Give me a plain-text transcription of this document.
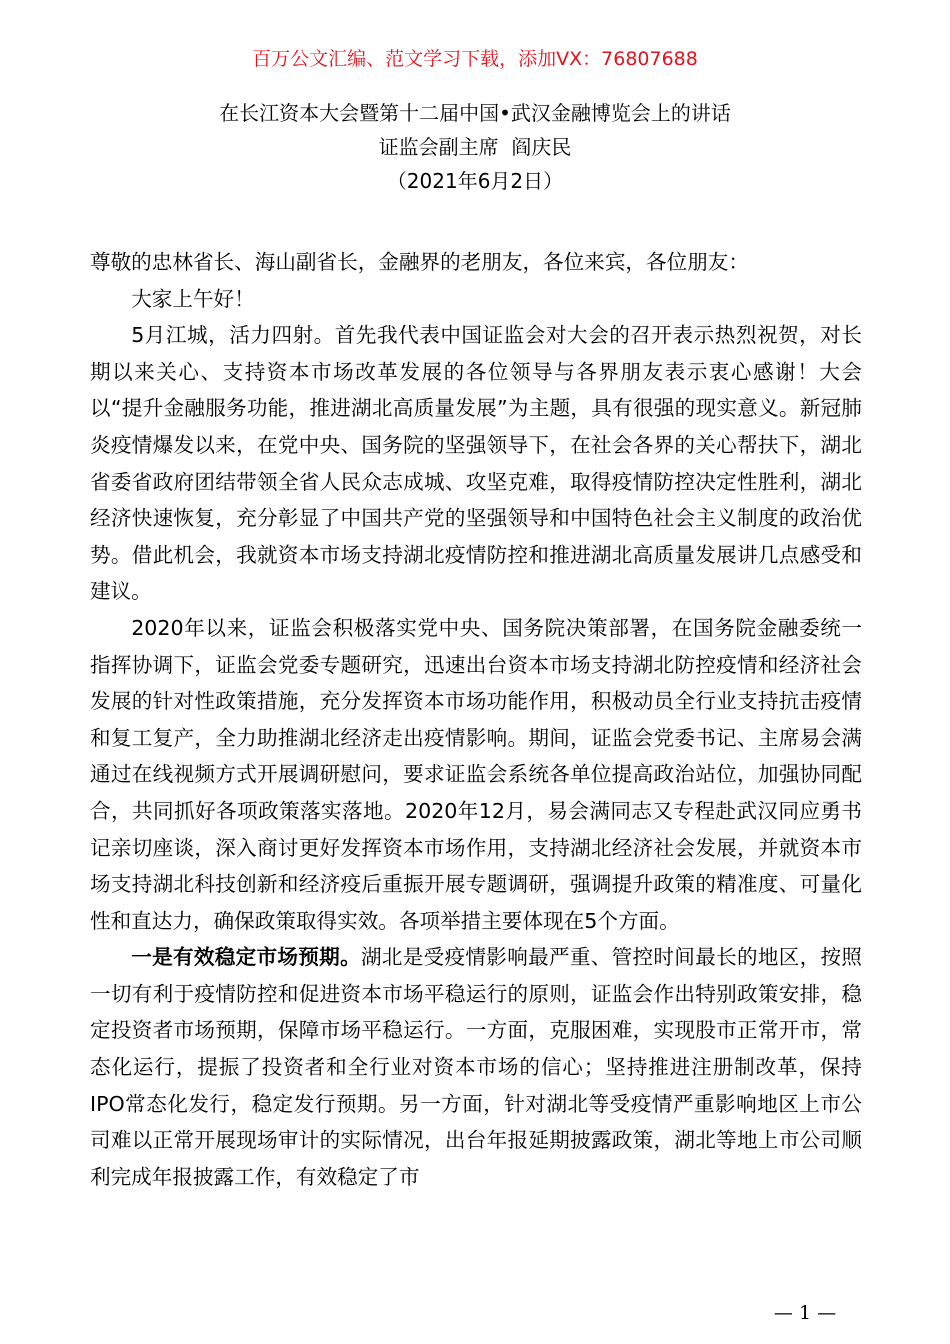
百万公文汇编、范文学习下载，添加VX：76807688
在长江资本大会暨第十二届中国•武汉金融博览会上的讲话
证监会副主席  阎庆民
（2021年6月2日）

尊敬的忠林省长、海山副省长，金融界的老朋友，各位来宾，各位朋友：

大家上午好！

5月江城，活力四射。首先我代表中国证监会对大会的召开表示热烈祝贺，对长期以来关心、支持资本市场改革发展的各位领导与各界朋友表示衷心感谢！大会以“提升金融服务功能，推进湖北高质量发展”为主题，具有很强的现实意义。新冠肺炎疫情爆发以来，在党中央、国务院的坚强领导下，在社会各界的关心帮扶下，湖北省委省政府团结带领全省人民众志成城、攻坚克难，取得疫情防控决定性胜利，湖北经济快速恢复，充分彰显了中国共产党的坚强领导和中国特色社会主义制度的政治优势。借此机会，我就资本市场支持湖北疫情防控和推进湖北高质量发展讲几点感受和建议。

2020年以来，证监会积极落实党中央、国务院决策部署，在国务院金融委统一指挥协调下，证监会党委专题研究，迅速出台资本市场支持湖北防控疫情和经济社会发展的针对性政策措施，充分发挥资本市场功能作用，积极动员全行业支持抗击疫情和复工复产，全力助推湖北经济走出疫情影响。期间，证监会党委书记、主席易会满通过在线视频方式开展调研慰问，要求证监会系统各单位提高政治站位，加强协同配合，共同抓好各项政策落实落地。2020年12月，易会满同志又专程赴武汉同应勇书记亲切座谈，深入商讨更好发挥资本市场作用，支持湖北经济社会发展，并就资本市场支持湖北科技创新和经济疫后重振开展专题调研，强调提升政策的精准度、可量化性和直达力，确保政策取得实效。各项举措主要体现在5个方面。

一是有效稳定市场预期。湖北是受疫情影响最严重、管控时间最长的地区，按照一切有利于疫情防控和促进资本市场平稳运行的原则，证监会作出特别政策安排，稳定投资者市场预期，保障市场平稳运行。一方面，克服困难，实现股市正常开市，常态化运行，提振了投资者和全行业对资本市场的信心；坚持推进注册制改革，保持IPO常态化发行，稳定发行预期。另一方面，针对湖北等受疫情严重影响地区上市公司难以正常开展现场审计的实际情况，出台年报延期披露政策，湖北等地上市公司顺利完成年报披露工作，有效稳定了市

— 1 —
